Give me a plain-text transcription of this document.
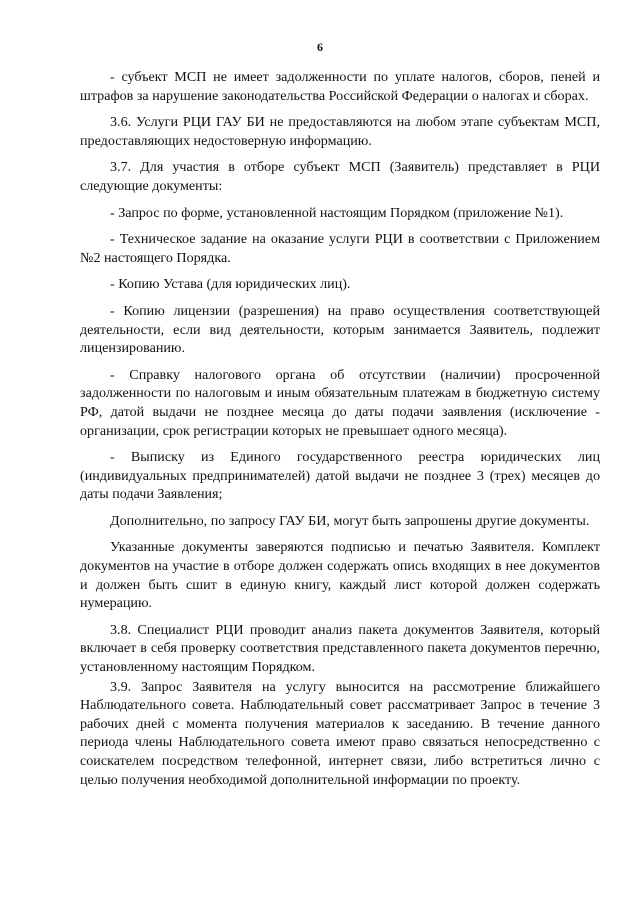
6

- субъект МСП не имеет задолженности по уплате налогов, сборов, пеней и штрафов за нарушение законодательства Российской Федерации о налогах и сборах.

3.6. Услуги РЦИ ГАУ БИ не предоставляются на любом этапе субъектам МСП, предоставляющих недостоверную информацию.

3.7. Для участия в отборе субъект МСП (Заявитель) представляет в РЦИ следующие документы:

- Запрос по форме, установленной настоящим Порядком (приложение №1).

- Техническое задание на оказание услуги РЦИ в соответствии с Приложением №2 настоящего Порядка.

- Копию Устава (для юридических лиц).

- Копию лицензии (разрешения) на право осуществления соответствующей деятельности, если вид деятельности, которым занимается Заявитель, подлежит лицензированию.

- Справку налогового органа об отсутствии (наличии) просроченной задолженности по налоговым и иным обязательным платежам в бюджетную систему РФ, датой выдачи не позднее месяца до даты подачи заявления (исключение - организации, срок регистрации которых не превышает одного месяца).

- Выписку из Единого государственного реестра юридических лиц (индивидуальных предпринимателей) датой выдачи не позднее 3 (трех) месяцев до даты подачи Заявления;

Дополнительно, по запросу ГАУ БИ, могут быть запрошены другие документы.

Указанные документы заверяются подписью и печатью Заявителя. Комплект документов на участие в отборе должен содержать опись входящих в нее документов и должен быть сшит в единую книгу, каждый лист которой должен содержать нумерацию.

3.8. Специалист РЦИ проводит анализ пакета документов Заявителя, который включает в себя проверку соответствия представленного пакета документов перечню, установленному настоящим Порядком.

3.9. Запрос Заявителя на услугу выносится на рассмотрение ближайшего Наблюдательного совета. Наблюдательный совет рассматривает Запрос в течение 3 рабочих дней с момента получения материалов к заседанию. В течение данного периода члены Наблюдательного совета имеют право связаться непосредственно с соискателем посредством телефонной, интернет связи, либо встретиться лично с целью получения необходимой дополнительной информации по проекту.
